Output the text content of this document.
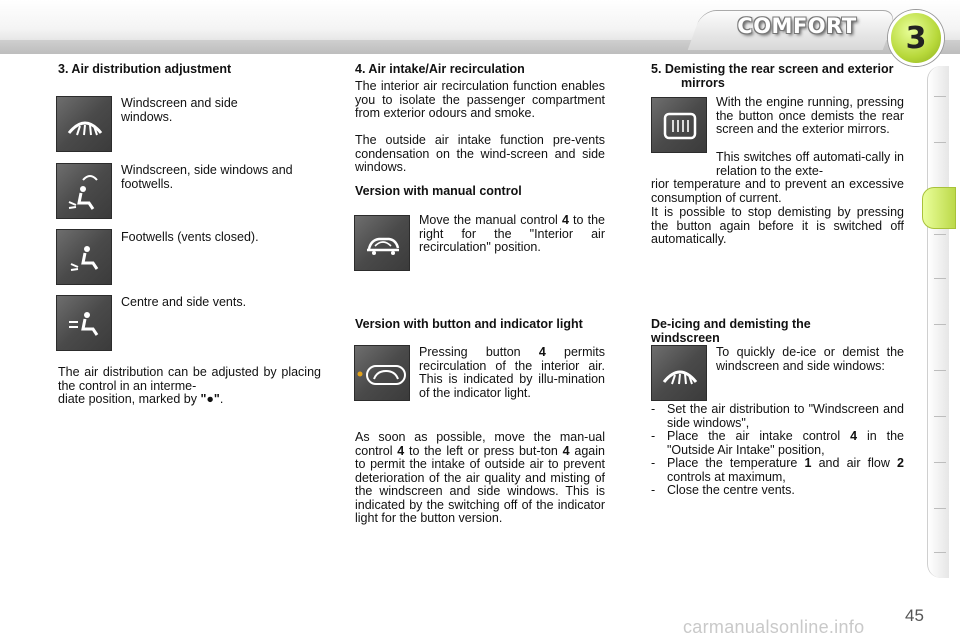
COMFORT	3
3. Air distribution adjustment
Windscreen and side windows.
Windscreen, side windows and footwells.
Footwells (vents closed).
Centre and side vents.
The air distribution can be adjusted by placing the control in an interme-
diate position, marked by "●".
4. Air intake/Air recirculation
The interior air recirculation function enables you to isolate the passenger compartment from exterior odours and smoke.
The outside air intake function pre-vents condensation on the wind-screen and side windows.
Version with manual control
Move the manual control 4 to the right for the "Interior air recirculation" position.
Version with button and indicator light
Pressing button 4 permits recirculation of the interior air. This is indicated by illu-mination of the indicator light.
As soon as possible, move the man-ual control 4 to the left or press but-ton 4 again to permit the intake of outside air to prevent deterioration of the air quality and misting of the windscreen and side windows. This is indicated by the switching off of the indicator light for the button version.
5. Demisting the rear screen and exterior mirrors
With the engine running, pressing the button once demists the rear screen and the exterior mirrors.
This switches off automati-cally in relation to the exte-
rior temperature and to prevent an excessive consumption of current.
It is possible to stop demisting by pressing the button again before it is switched off automatically.
De-icing and demisting the windscreen
To quickly de-ice or demist the windscreen and side windows:
- Set the air distribution to "Windscreen and side windows",
- Place the air intake control 4 in the "Outside Air Intake" position,
- Place the temperature 1 and air flow 2 controls at maximum,
- Close the centre vents.
45
carmanualsonline.info
